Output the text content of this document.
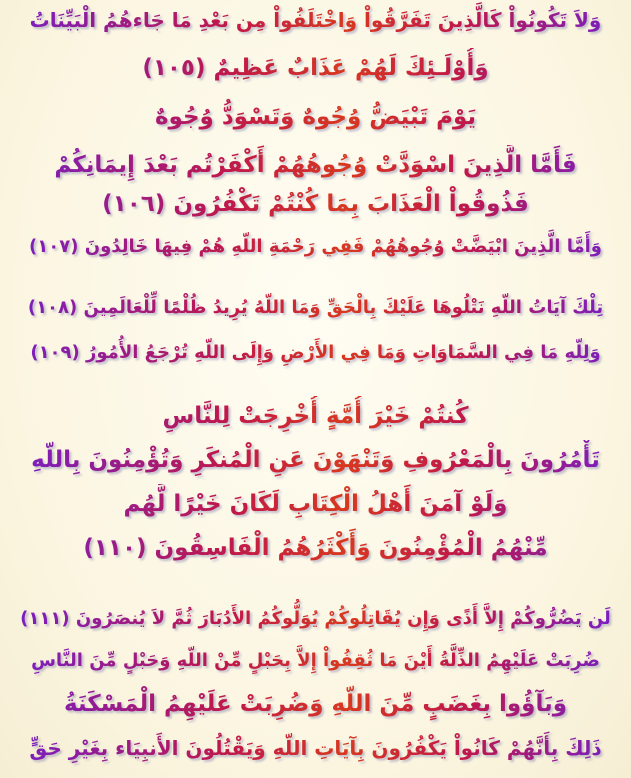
وَلاَ تَكُونُواْ كَالَّذِينَ تَفَرَّقُواْ وَاخْتَلَفُواْ مِن بَعْدِ مَا جَاءهُمُ الْبَيِّنَاتُ
وَأُوْلَـئِكَ لَهُمْ عَذَابٌ عَظِيمٌ (١٠٥)
يَوْمَ تَبْيَضُّ وُجُوهٌ وَتَسْوَدُّ وُجُوهٌ
فَأَمَّا الَّذِينَ اسْوَدَّتْ وُجُوهُهُمْ أَكْفَرْتُم بَعْدَ إِيمَانِكُمْ
فَذُوقُواْ الْعَذَابَ بِمَا كُنْتُمْ تَكْفُرُونَ (١٠٦)
وَأَمَّا الَّذِينَ ابْيَضَّتْ وُجُوهُهُمْ فَفِي رَحْمَةِ اللّهِ هُمْ فِيهَا خَالِدُونَ (١٠٧)
تِلْكَ آيَاتُ اللّهِ نَتْلُوهَا عَلَيْكَ بِالْحَقِّ وَمَا اللّهُ يُرِيدُ ظُلْمًا لِّلْعَالَمِينَ (١٠٨)
وَلِلّهِ مَا فِي السَّمَاوَاتِ وَمَا فِي الأَرْضِ وَإِلَى اللّهِ تُرْجَعُ الأُمُورُ (١٠٩)
كُنتُمْ خَيْرَ أُمَّةٍ أُخْرِجَتْ لِلنَّاسِ
تَأْمُرُونَ بِالْمَعْرُوفِ وَتَنْهَوْنَ عَنِ الْمُنكَرِ وَتُؤْمِنُونَ بِاللّهِ
وَلَوْ آمَنَ أَهْلُ الْكِتَابِ لَكَانَ خَيْرًا لَّهُم
مِّنْهُمُ الْمُؤْمِنُونَ وَأَكْثَرُهُمُ الْفَاسِقُونَ (١١٠)
لَن يَضُرُّوكُمْ إِلاَّ أَذًى وَإِن يُقَاتِلُوكُمْ يُوَلُّوكُمُ الأَدُبَارَ ثُمَّ لاَ يُنصَرُونَ (١١١)
ضُرِبَتْ عَلَيْهِمُ الذِّلَّةُ أَيْنَ مَا ثُقِفُواْ إِلاَّ بِحَبْلٍ مِّنْ اللّهِ وَحَبْلٍ مِّنَ النَّاسِ
وَبَآؤُوا بِغَضَبٍ مِّنَ اللّهِ وَضُرِبَتْ عَلَيْهِمُ الْمَسْكَنَةُ
ذَلِكَ بِأَنَّهُمْ كَانُواْ يَكْفُرُونَ بِآيَاتِ اللّهِ وَيَقْتُلُونَ الأَنبِيَاء بِغَيْرِ حَقٍّ
